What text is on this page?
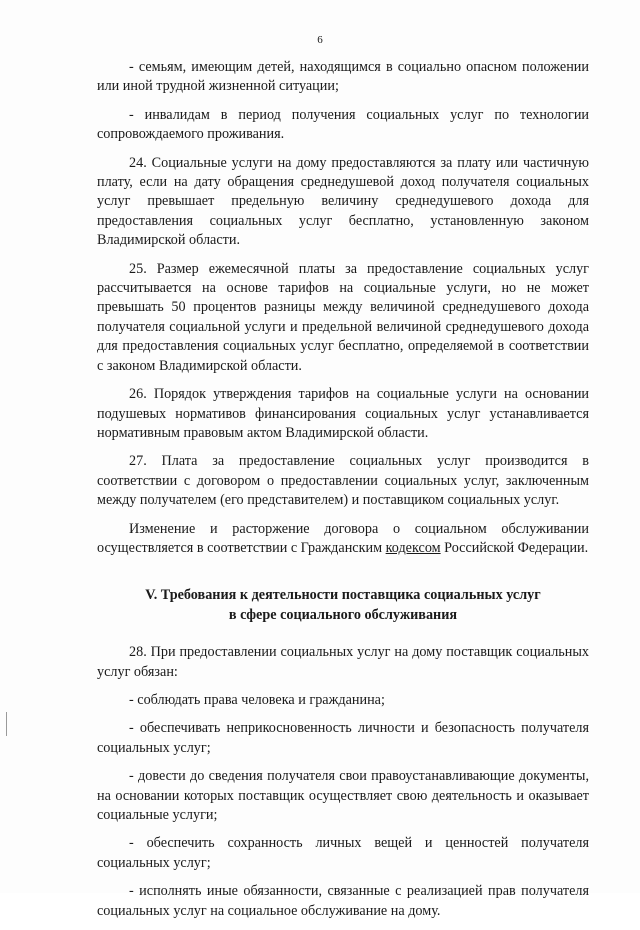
6

- семьям, имеющим детей, находящимся в социально опасном положении или иной трудной жизненной ситуации;

- инвалидам в период получения социальных услуг по технологии сопровождаемого проживания.

24. Социальные услуги на дому предоставляются за плату или частичную плату, если на дату обращения среднедушевой доход получателя социальных услуг превышает предельную величину среднедушевого дохода для предоставления социальных услуг бесплатно, установленную законом Владимирской области.

25. Размер ежемесячной платы за предоставление социальных услуг рассчитывается на основе тарифов на социальные услуги, но не может превышать 50 процентов разницы между величиной среднедушевого дохода получателя социальной услуги и предельной величиной среднедушевого дохода для предоставления социальных услуг бесплатно, определяемой в соответствии с законом Владимирской области.

26. Порядок утверждения тарифов на социальные услуги на основании подушевых нормативов финансирования социальных услуг устанавливается нормативным правовым актом Владимирской области.

27. Плата за предоставление социальных услуг производится в соответствии с договором о предоставлении социальных услуг, заключенным между получателем (его представителем) и поставщиком социальных услуг.

Изменение и расторжение договора о социальном обслуживании осуществляется в соответствии с Гражданским кодексом Российской Федерации.

V. Требования к деятельности поставщика социальных услуг
в сфере социального обслуживания

28. При предоставлении социальных услуг на дому поставщик социальных услуг обязан:

- соблюдать права человека и гражданина;

- обеспечивать неприкосновенность личности и безопасность получателя социальных услуг;

- довести до сведения получателя свои правоустанавливающие документы, на основании которых поставщик осуществляет свою деятельность и оказывает социальные услуги;

- обеспечить сохранность личных вещей и ценностей получателя социальных услуг;

- исполнять иные обязанности, связанные с реализацией прав получателя социальных услуг на социальное обслуживание на дому.
